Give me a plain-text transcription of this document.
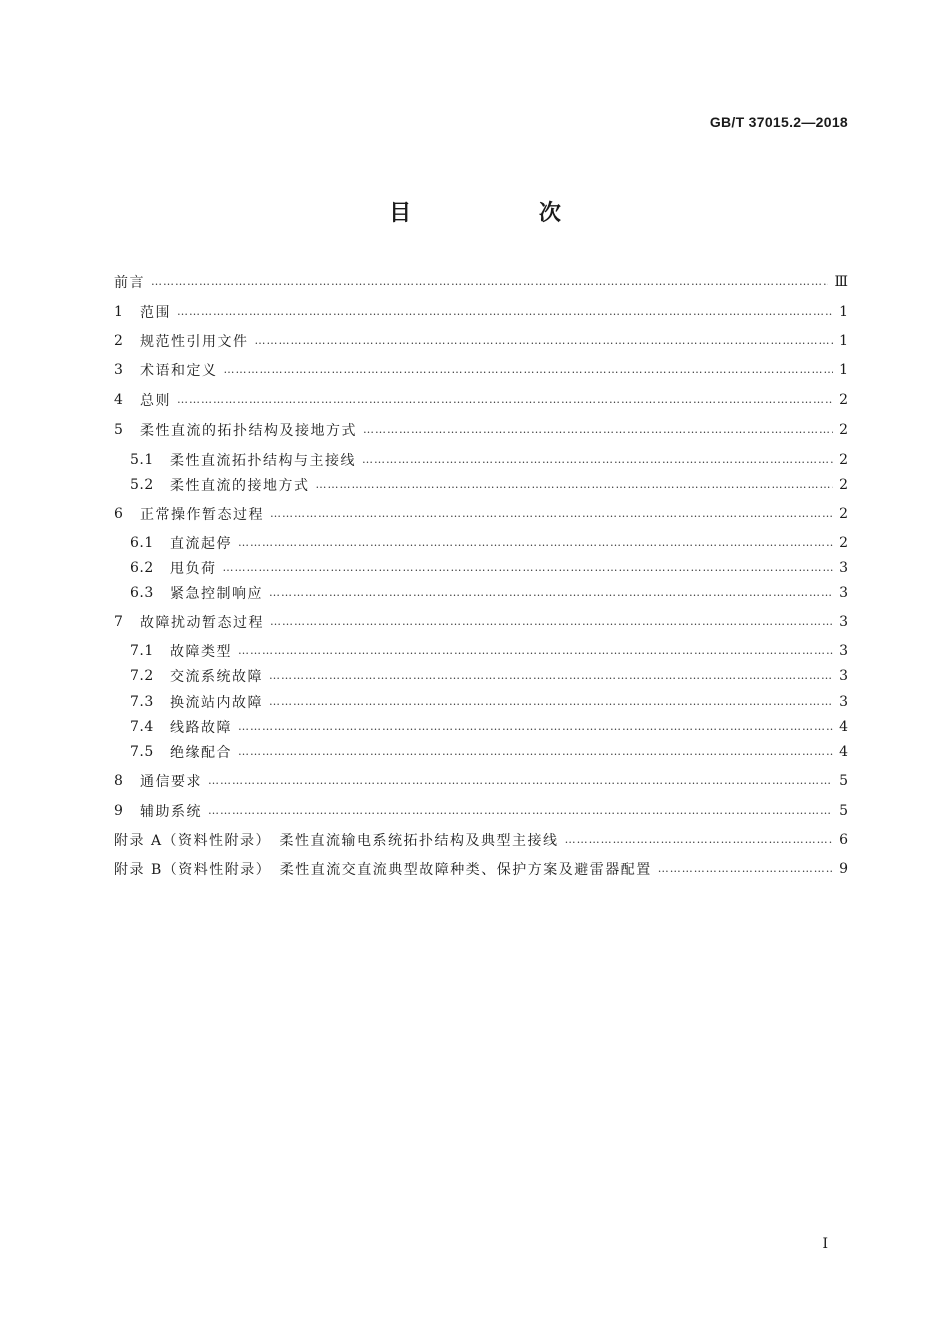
GB/T 37015.2—2018
目 次
前言 ……………………………………………………………………………………………………………………………………………………………………………………………………………………………………	Ⅲ
1	范围 ……………………………………………………………………………………………………………………………………………………………………………………………………………………………………	1
2	规范性引用文件 ……………………………………………………………………………………………………………………………………………………………………………………………………………………………………	1
3	术语和定义 ……………………………………………………………………………………………………………………………………………………………………………………………………………………………………	1
4	总则 ……………………………………………………………………………………………………………………………………………………………………………………………………………………………………	2
5	柔性直流的拓扑结构及接地方式 ……………………………………………………………………………………………………………………………………………………………………………………………………………………………………	2
5.1	柔性直流拓扑结构与主接线 ……………………………………………………………………………………………………………………………………………………………………………………………………………………………………	2
5.2	柔性直流的接地方式 ……………………………………………………………………………………………………………………………………………………………………………………………………………………………………	2
6	正常操作暂态过程 ……………………………………………………………………………………………………………………………………………………………………………………………………………………………………	2
6.1	直流起停 ……………………………………………………………………………………………………………………………………………………………………………………………………………………………………	2
6.2	甩负荷 ……………………………………………………………………………………………………………………………………………………………………………………………………………………………………	3
6.3	紧急控制响应 ……………………………………………………………………………………………………………………………………………………………………………………………………………………………………	3
7	故障扰动暂态过程 ……………………………………………………………………………………………………………………………………………………………………………………………………………………………………	3
7.1	故障类型 ……………………………………………………………………………………………………………………………………………………………………………………………………………………………………	3
7.2	交流系统故障 ……………………………………………………………………………………………………………………………………………………………………………………………………………………………………	3
7.3	换流站内故障 ……………………………………………………………………………………………………………………………………………………………………………………………………………………………………	3
7.4	线路故障 ……………………………………………………………………………………………………………………………………………………………………………………………………………………………………	4
7.5	绝缘配合 ……………………………………………………………………………………………………………………………………………………………………………………………………………………………………	4
8	通信要求 ……………………………………………………………………………………………………………………………………………………………………………………………………………………………………	5
9	辅助系统 ……………………………………………………………………………………………………………………………………………………………………………………………………………………………………	5
附录 A（资料性附录）　柔性直流输电系统拓扑结构及典型主接线 ……………………………………………………………………………………………………………………………………………………………………………………………………………………………………	6
附录 B（资料性附录）　柔性直流交直流典型故障种类、保护方案及避雷器配置 ……………………………………………………………………………………………………………………………………………………………………………………………………………………………………	9
Ⅰ
